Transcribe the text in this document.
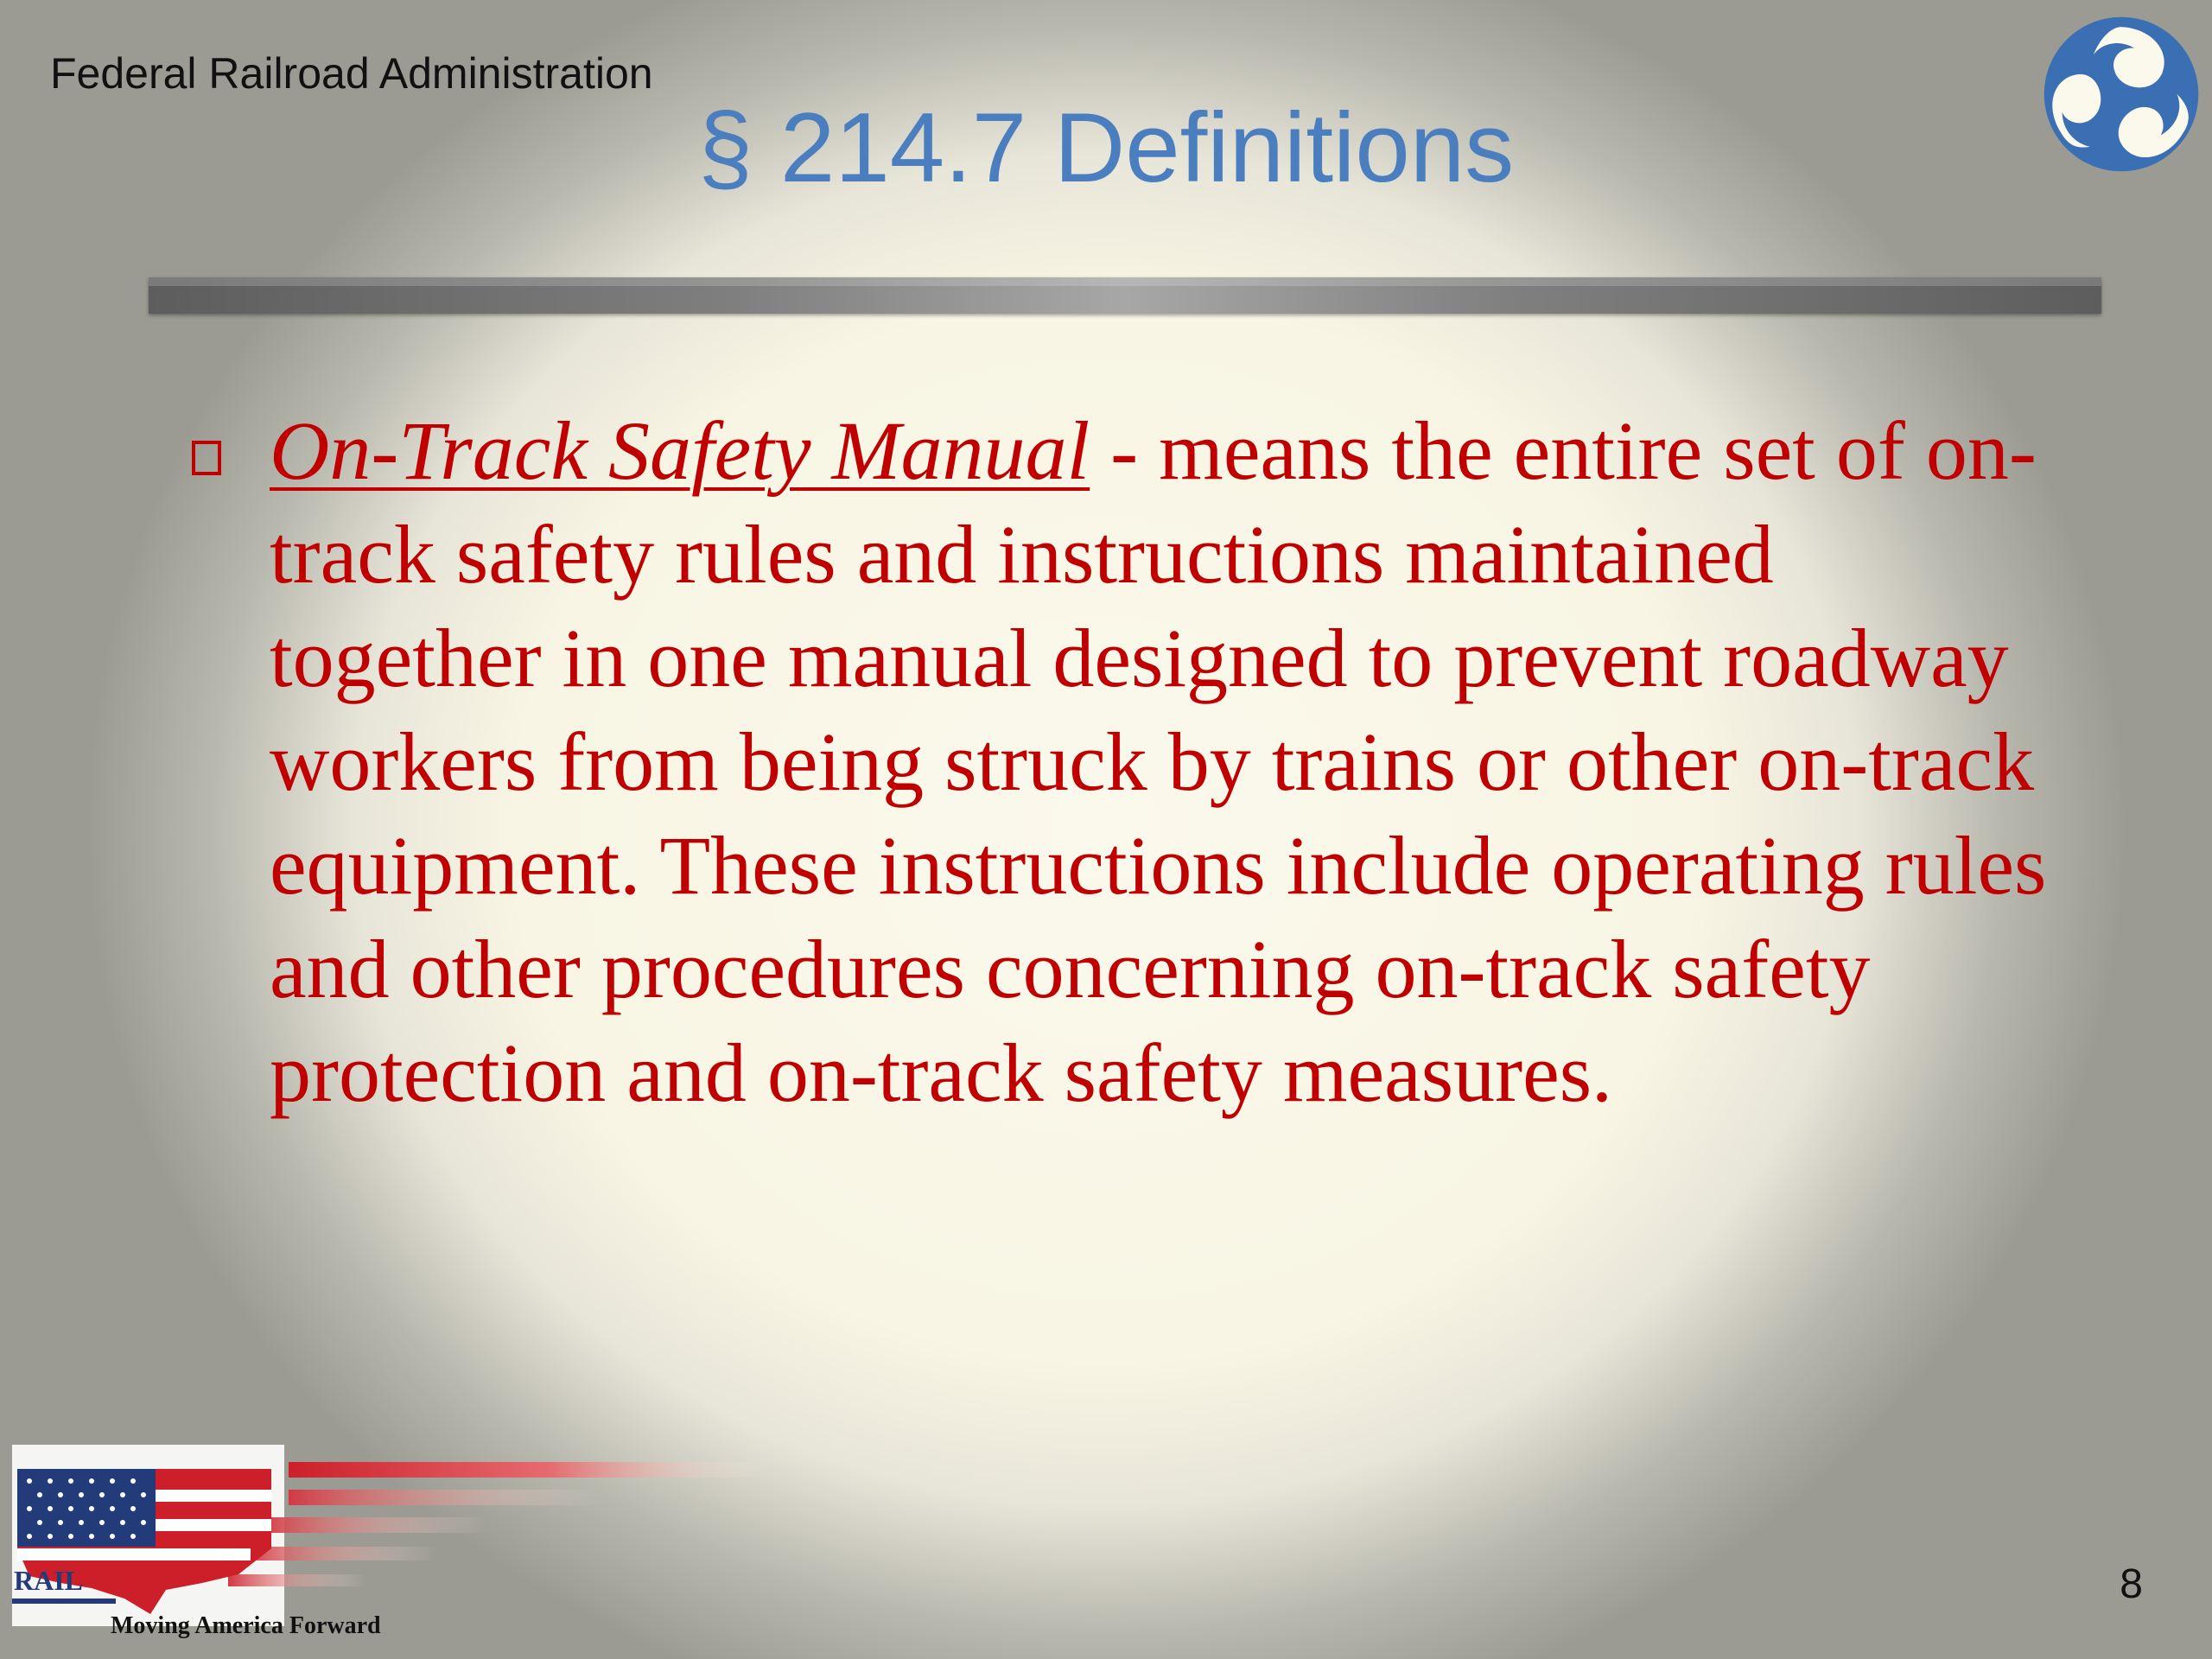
Federal Railroad Administration
§ 214.7 Definitions
On-Track Safety Manual - means the entire set of on-track safety rules and instructions maintained together in one manual designed to prevent roadway workers from being struck by trains or other on-track equipment. These instructions include operating rules and other procedures concerning on-track safety protection and on-track safety measures.
RAIL
Moving America Forward
8
